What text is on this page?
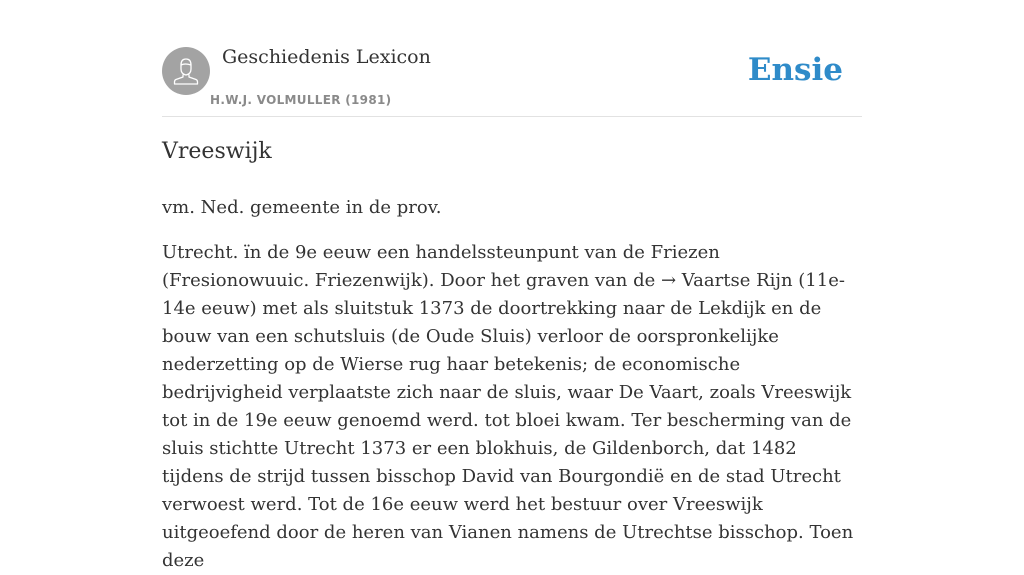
Geschiedenis Lexicon
H.W.J. VOLMULLER (1981)
Ensie
Vreeswijk

vm. Ned. gemeente in de prov.

Utrecht. ïn de 9e eeuw een handelssteunpunt van de Friezen (Fresionowuuic. Friezenwijk). Door het graven van de → Vaartse Rijn (11e-14e eeuw) met als sluitstuk 1373 de doortrekking naar de Lekdijk en de bouw van een schutsluis (de Oude Sluis) verloor de oorspronkelijke nederzetting op de Wierse rug haar betekenis; de economische bedrijvigheid verplaatste zich naar de sluis, waar De Vaart, zoals Vreeswijk tot in de 19e eeuw genoemd werd. tot bloei kwam. Ter bescherming van de sluis stichtte Utrecht 1373 er een blokhuis, de Gildenborch, dat 1482 tijdens de strijd tussen bisschop David van Bourgondië en de stad Utrecht verwoest werd. Tot de 16e eeuw werd het bestuur over Vreeswijk uitgeoefend door de heren van Vianen namens de Utrechtse bisschop. Toen deze
